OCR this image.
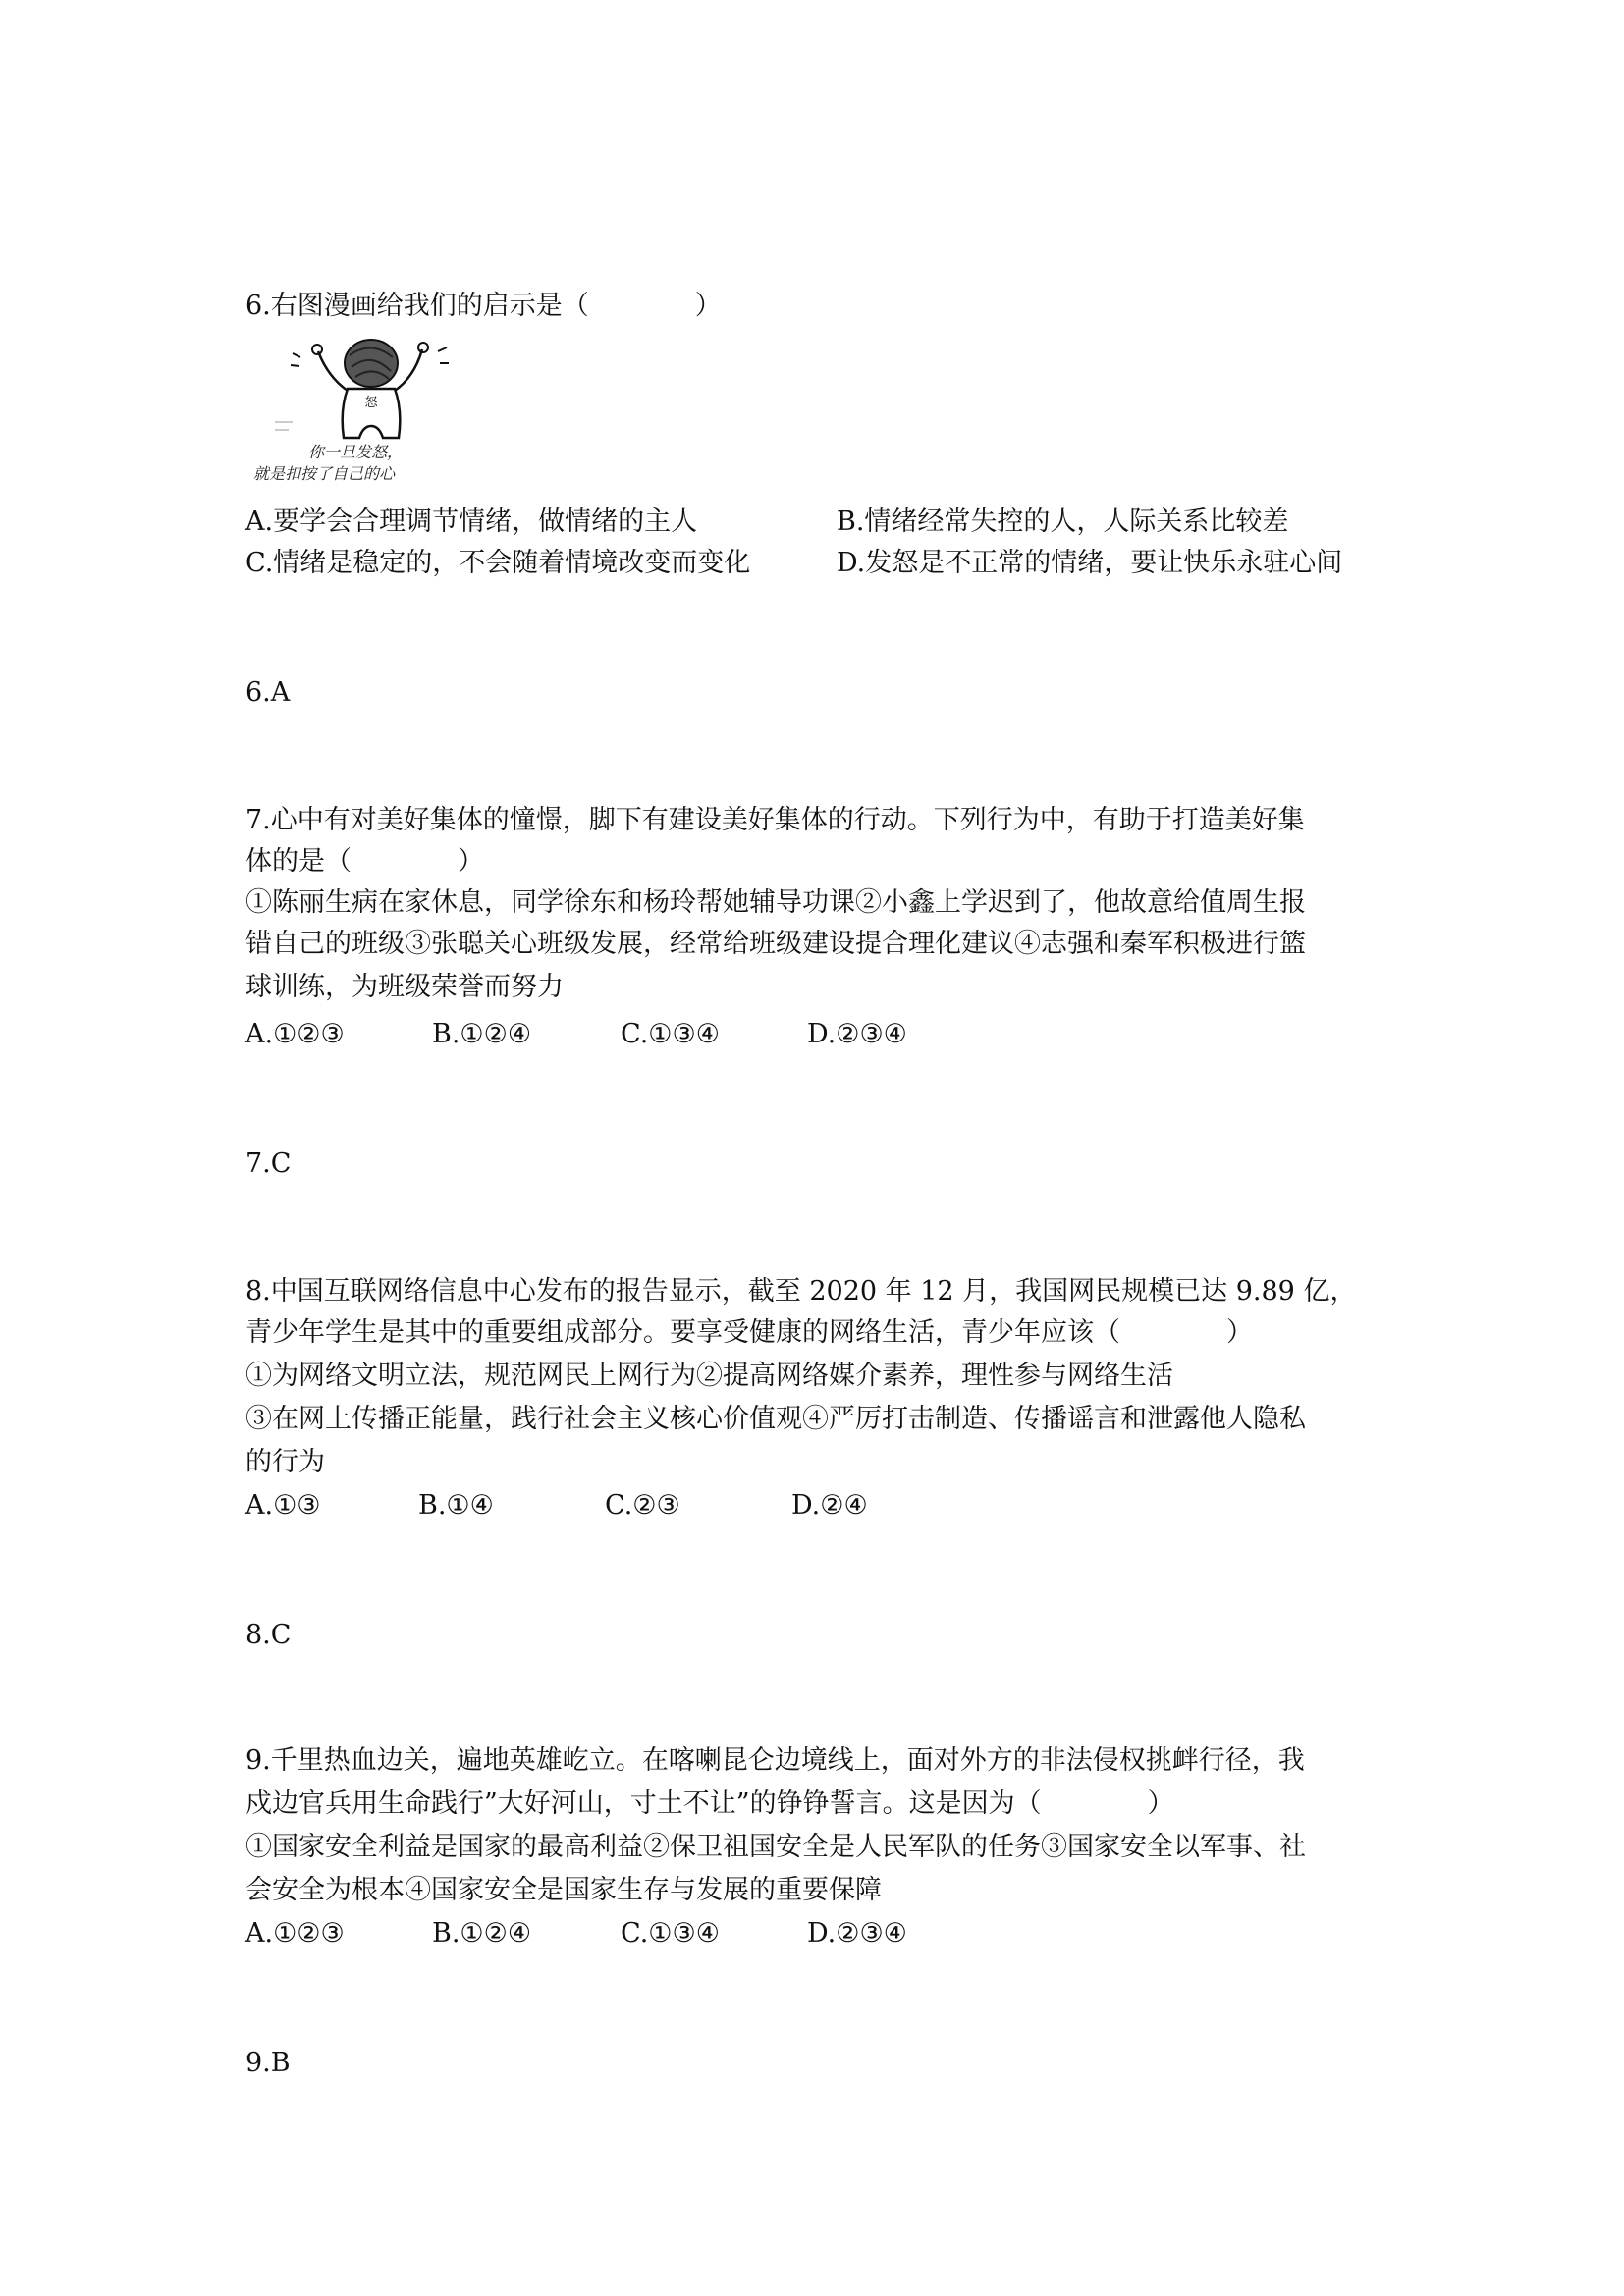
6.右图漫画给我们的启示是（　　　　）
怒
你一旦发怒，
就是扣按了自己的心
A.要学会合理调节情绪，做情绪的主人	B.情绪经常失控的人，人际关系比较差
C.情绪是稳定的，不会随着情境改变而变化	D.发怒是不正常的情绪，要让快乐永驻心间
6.A
7.心中有对美好集体的憧憬，脚下有建设美好集体的行动。下列行为中，有助于打造美好集
体的是（　　　　）
①陈丽生病在家休息，同学徐东和杨玲帮她辅导功课②小鑫上学迟到了，他故意给值周生报
错自己的班级③张聪关心班级发展，经常给班级建设提合理化建议④志强和秦军积极进行篮
球训练，为班级荣誉而努力
A.①②③	B.①②④	C.①③④	D.②③④
7.C
8.中国互联网络信息中心发布的报告显示，截至 2020 年 12 月，我国网民规模已达 9.89 亿，
青少年学生是其中的重要组成部分。要享受健康的网络生活，青少年应该（　　　　）
①为网络文明立法，规范网民上网行为②提高网络媒介素养，理性参与网络生活
③在网上传播正能量，践行社会主义核心价值观④严厉打击制造、传播谣言和泄露他人隐私
的行为
A.①③	B.①④	C.②③	D.②④
8.C
9.千里热血边关，遍地英雄屹立。在喀喇昆仑边境线上，面对外方的非法侵权挑衅行径，我
戍边官兵用生命践行”大好河山，寸土不让”的铮铮誓言。这是因为（　　　　）
①国家安全利益是国家的最高利益②保卫祖国安全是人民军队的任务③国家安全以军事、社
会安全为根本④国家安全是国家生存与发展的重要保障
A.①②③	B.①②④	C.①③④	D.②③④
9.B
